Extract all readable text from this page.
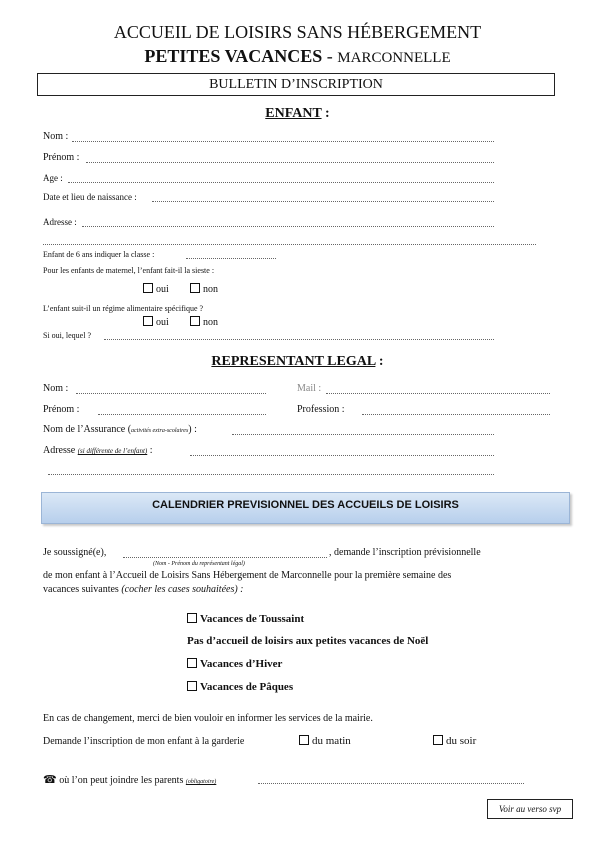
ACCUEIL DE LOISIRS SANS HÉBERGEMENT
PETITES VACANCES - MARCONNELLE
BULLETIN D’INSCRIPTION
ENFANT :
Nom :
Prénom :
Age :
Date et lieu de naissance :
Adresse :
Enfant de 6 ans indiquer la classe :
Pour les enfants de maternel, l’enfant fait-il la sieste :
oui	non
L’enfant suit-il un régime alimentaire spécifique ?
oui	non
Si oui, lequel ?
REPRESENTANT LEGAL :
Nom :	Mail :
Prénom :	Profession :
Nom de l’Assurance (activités extra-scolaires) :
Adresse (si différente de l’enfant) :
CALENDRIER PREVISIONNEL DES ACCUEILS DE LOISIRS
Je soussigné(e),	, demande l’inscription prévisionnelle
(Nom - Prénom du représentant légal)
de mon enfant à l’Accueil de Loisirs Sans Hébergement de Marconnelle pour la première semaine des
vacances suivantes (cocher les cases souhaitées) :
Vacances de Toussaint
Pas d’accueil de loisirs aux petites vacances de Noël
Vacances d’Hiver
Vacances de Pâques
En cas de changement, merci de bien vouloir en informer les services de la mairie.
Demande l’inscription de mon enfant à la garderie	du matin	du soir
☎ où l’on peut joindre les parents (obligatoire)
Voir au verso svp
